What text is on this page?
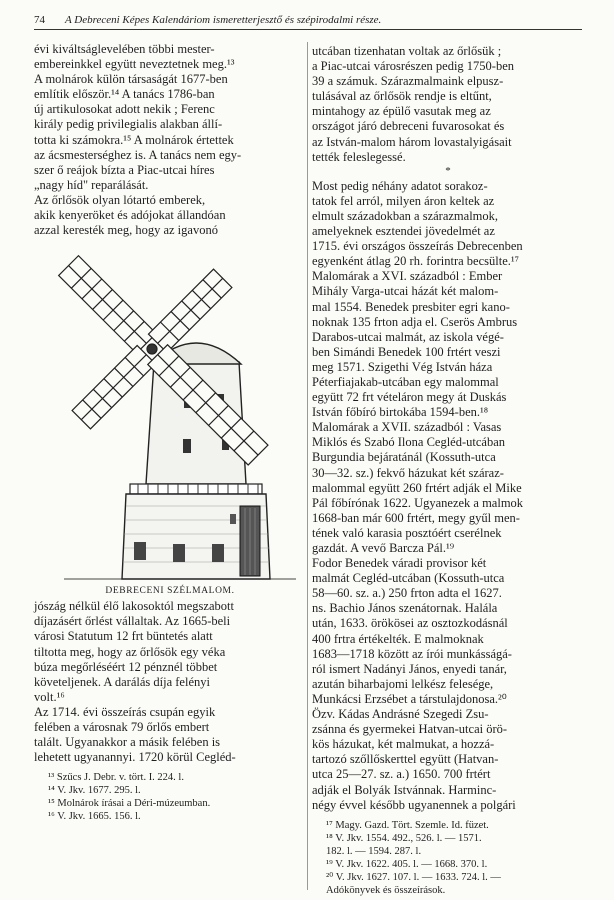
74 A Debreceni Képes Kalendáriom ismeretterjesztő és szépirodalmi része.
évi kiváltságlevelében többi mester-
embereinkkel együtt neveztetnek meg.¹³
A molnárok külön társaságát 1677-ben
említik először.¹⁴ A tanács 1786-ban
új artikulosokat adott nekik ; Ferenc
király pedig privilegialis alakban állí-
totta ki számokra.¹⁵ A molnárok értettek
az ácsmesterséghez is. A tanács nem egy-
szer ő reájok bízta a Piac-utcai híres
„nagy híd" reparálását.
Az őrlősök olyan lótartó emberek,
akik kenyeröket és adójokat állandóan
azzal keresték meg, hogy az igavonó
DEBRECENI SZÉLMALOM.
jószág nélkül élő lakosoktól megszabott
díjazásért őrlést vállaltak. Az 1665-beli
városi Statutum 12 frt büntetés alatt
tiltotta meg, hogy az őrlősök egy véka
búza megőrléséért 12 pénznél többet
követeljenek. A darálás díja felényi
volt.¹⁶
Az 1714. évi összeírás csupán egyik
felében a városnak 79 őrlős embert
talált. Ugyanakkor a másik felében is
lehetett ugyanannyi. 1720 körül Cegléd-
¹³ Szűcs J. Debr. v. tört. I. 224. l.
¹⁴ V. Jkv. 1677. 295. l.
¹⁵ Molnárok írásai a Déri-múzeumban.
¹⁶ V. Jkv. 1665. 156. l.
utcában tizenhatan voltak az őrlősük ;
a Piac-utcai városrészen pedig 1750-ben
39 a számuk. Szárazmalmaink elpusz-
tulásával az őrlősök rendje is eltűnt,
mintahogy az épülő vasutak meg az
országot járó debreceni fuvarosokat és
az István-malom három lovastalyigásait
tették feleslegessé.
*
Most pedig néhány adatot sorakoz-
tatok fel arról, milyen áron keltek az
elmult századokban a szárazmalmok,
amelyeknek esztendei jövedelmét az
1715. évi országos összeírás Debrecenben
egyenként átlag 20 rh. forintra becsülte.¹⁷
Malomárak a XVI. századból : Ember
Mihály Varga-utcai házát két malom-
mal 1554. Benedek presbiter egri kano-
noknak 135 frton adja el. Cserös Ambrus
Darabos-utcai malmát, az iskola végé-
ben Simándi Benedek 100 frtért veszi
meg 1571. Szigethi Vég István háza
Péterfiajakab-utcában egy malommal
együtt 72 frt vételáron megy át Duskás
István főbíró birtokába 1594-ben.¹⁸
Malomárak a XVII. századból : Vasas
Miklós és Szabó Ilona Cegléd-utcában
Burgundia bejáratánál (Kossuth-utca
30—32. sz.) fekvő házukat két száraz-
malommal együtt 260 frtért adják el Mike
Pál főbírónak 1622. Ugyanezek a malmok
1668-ban már 600 frtért, megy gyűl men-
tének való karasia posztóért cserélnek
gazdát. A vevő Barcza Pál.¹⁹
Fodor Benedek váradi provisor két
malmát Cegléd-utcában (Kossuth-utca
58—60. sz. a.) 250 frton adta el 1627.
ns. Bachio János szenátornak. Halála
után, 1633. örökösei az osztozkodásnál
400 frtra értékelték. E malmoknak
1683—1718 között az írói munkásságá-
ról ismert Nadányi János, enyedi tanár,
azután biharbajomi lelkész felesége,
Munkácsi Erzsébet a társtulajdonosa.²⁰
Özv. Kádas Andrásné Szegedi Zsu-
zsánna és gyermekei Hatvan-utcai örö-
kös házukat, két malmukat, a hozzá-
tartozó szőllőskerttel együtt (Hatvan-
utca 25—27. sz. a.) 1650. 700 frtért
adják el Bolyák Istvánnak. Harminc-
négy évvel később ugyanennek a polgári
¹⁷ Magy. Gazd. Tört. Szemle. Id. füzet.
¹⁸ V. Jkv. 1554. 492., 526. l. — 1571.
182. l. — 1594. 287. l.
¹⁹ V. Jkv. 1622. 405. l. — 1668. 370. l.
²⁰ V. Jkv. 1627. 107. l. — 1633. 724. l. —
Adókönyvek és összeírások.
